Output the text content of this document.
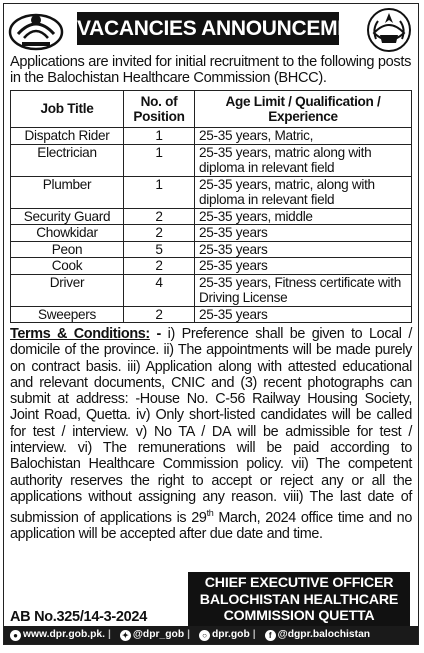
VACANCIES ANNOUNCEMENT
Applications are invited for initial recruitment to the following posts in the Balochistan Healthcare Commission (BHCC).
Job Title	No. of Position	Age Limit / Qualification / Experience
Dispatch Rider	1	25-35 years, Matric,
Electrician	1	25-35 years, matric along with diploma in relevant field
Plumber	1	25-35 years, matric, along with diploma in relevant field
Security Guard	2	25-35 years, middle
Chowkidar	2	25-35 years
Peon	5	25-35 years
Cook	2	25-35 years
Driver	4	25-35 years, Fitness certificate with Driving License
Sweepers	2	25-35 years
Terms & Conditions: - i) Preference shall be given to Local / domicile of the province. ii) The appointments will be made purely on contract basis. iii) Application along with attested educational and relevant documents, CNIC and (3) recent photographs can submit at address: -House No. C-56 Railway Housing Society, Joint Road, Quetta. iv) Only short-listed candidates will be called for test / interview. v) No TA / DA will be admissible for test / interview. vi) The remunerations will be paid according to Balochistan Healthcare Commission policy. vii) The competent authority reserves the right to accept or reject any or all the applications without assigning any reason. viii) The last date of submission of applications is 29th March, 2024 office time and no application will be accepted after due date and time.
CHIEF EXECUTIVE OFFICER
BALOCHISTAN HEALTHCARE
COMMISSION QUETTA
AB No.325/14-3-2024
● www.dpr.gob.pk. | ✦ @dpr_gob |	○ dpr.gob |	f @dgpr.balochistan
